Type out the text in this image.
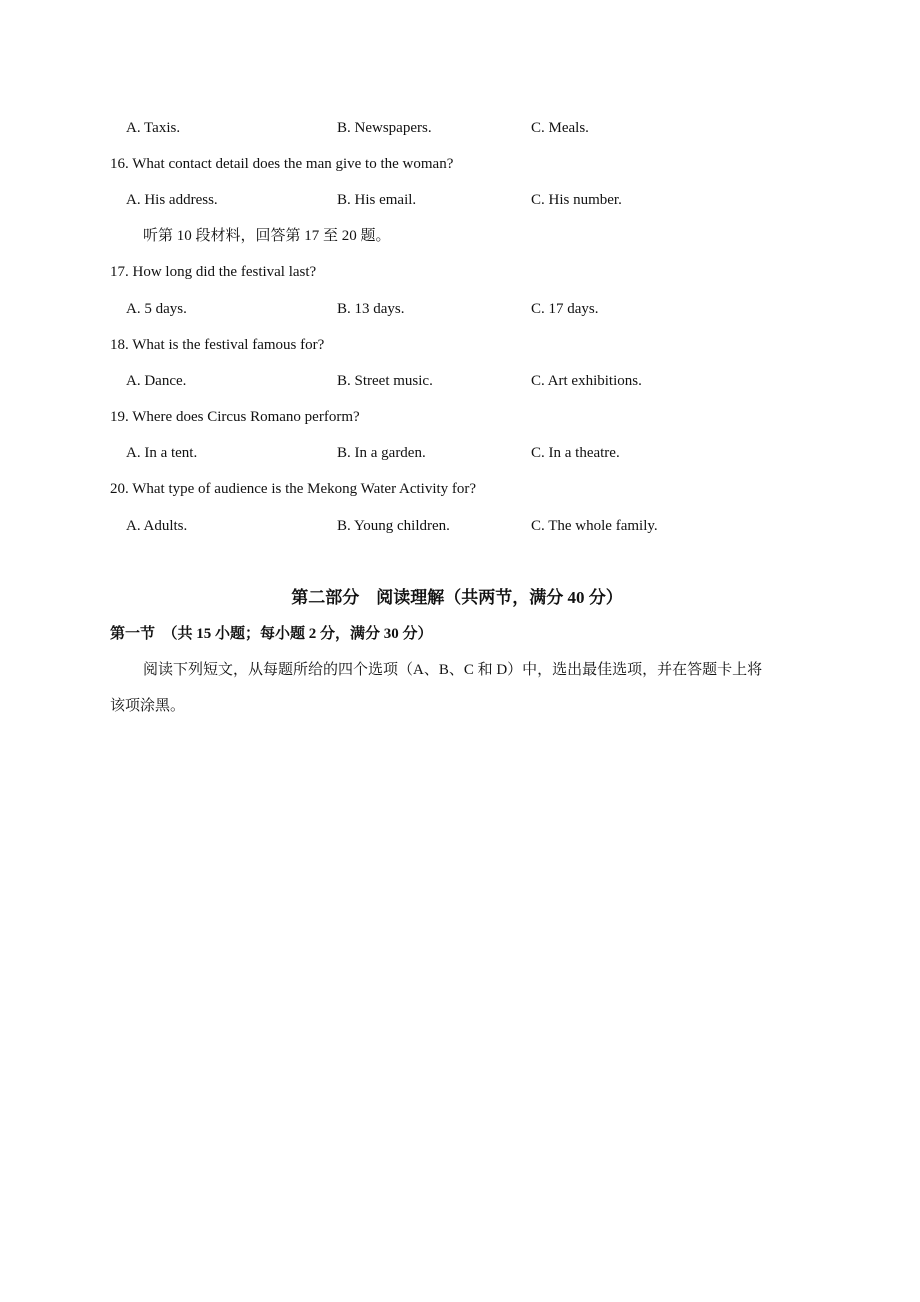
A. Taxis.	B. Newspapers.	C. Meals.
16. What contact detail does the man give to the woman?
A. His address.	B. His email.	C. His number.
听第 10 段材料，回答第 17 至 20 题。
17. How long did the festival last?
A. 5 days.	B. 13 days.	C. 17 days.
18. What is the festival famous for?
A. Dance.	B. Street music.	C. Art exhibitions.
19. Where does Circus Romano perform?
A. In a tent.	B. In a garden.	C. In a theatre.
20. What type of audience is the Mekong Water Activity for?
A. Adults.	B. Young children.	C. The whole family.
第二部分　阅读理解（共两节，满分 40 分）
第一节　（共 15 小题；每小题 2 分，满分 30 分）
阅读下列短文，从每题所给的四个选项（A、B、C 和 D）中，选出最佳选项，并在答题卡上将
该项涂黑。
